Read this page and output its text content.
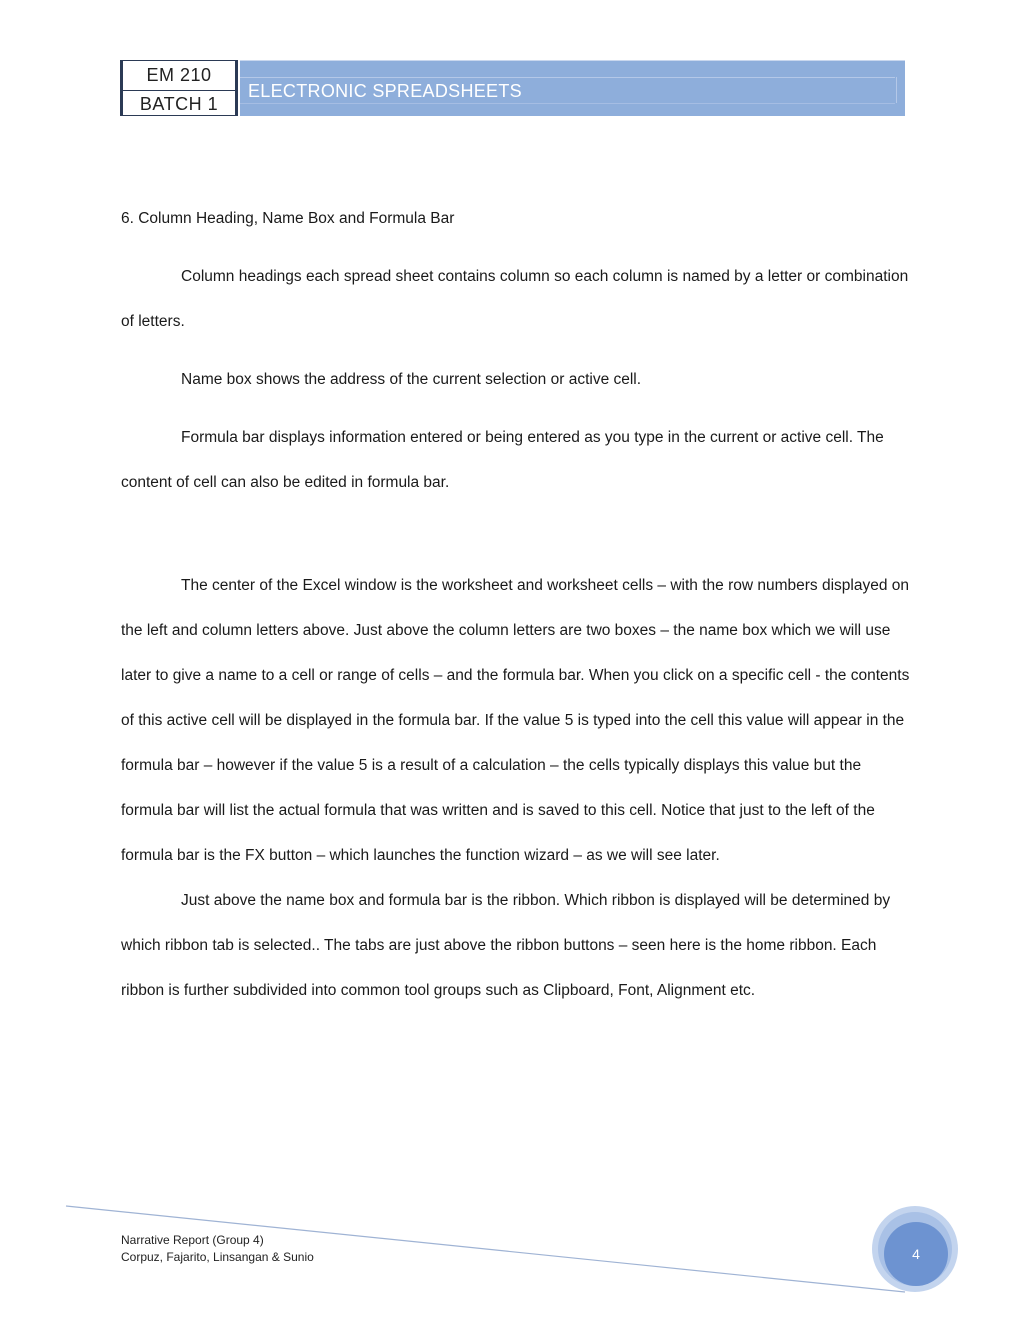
EM 210
BATCH 1
ELECTRONIC SPREADSHEETS

6. Column Heading, Name Box and Formula Bar

Column headings each spread sheet contains column so each column is named by a letter or combination of letters.

Name box shows the address of the current selection or active cell.

Formula bar displays information entered or being entered as you type in the current or active cell. The content of cell can also be edited in formula bar.

The center of the Excel window is the worksheet and worksheet cells – with the row numbers displayed on the left and column letters above. Just above the column letters are two boxes – the name box which we will use later to give a name to a cell or range of cells – and the formula bar. When you click on a specific cell - the contents of this active cell will be displayed in the formula bar. If the value 5 is typed into the cell this value will appear in the formula bar – however if the value 5 is a result of a calculation – the cells typically displays this value but the formula bar will list the actual formula that was written and is saved to this cell. Notice that just to the left of the formula bar is the FX button – which launches the function wizard – as we will see later.

Just above the name box and formula bar is the ribbon. Which ribbon is displayed will be determined by which ribbon tab is selected.. The tabs are just above the ribbon buttons – seen here is the home ribbon. Each ribbon is further subdivided into common tool groups such as Clipboard, Font, Alignment etc.

Narrative Report (Group 4)
Corpuz, Fajarito, Linsangan & Sunio	4
